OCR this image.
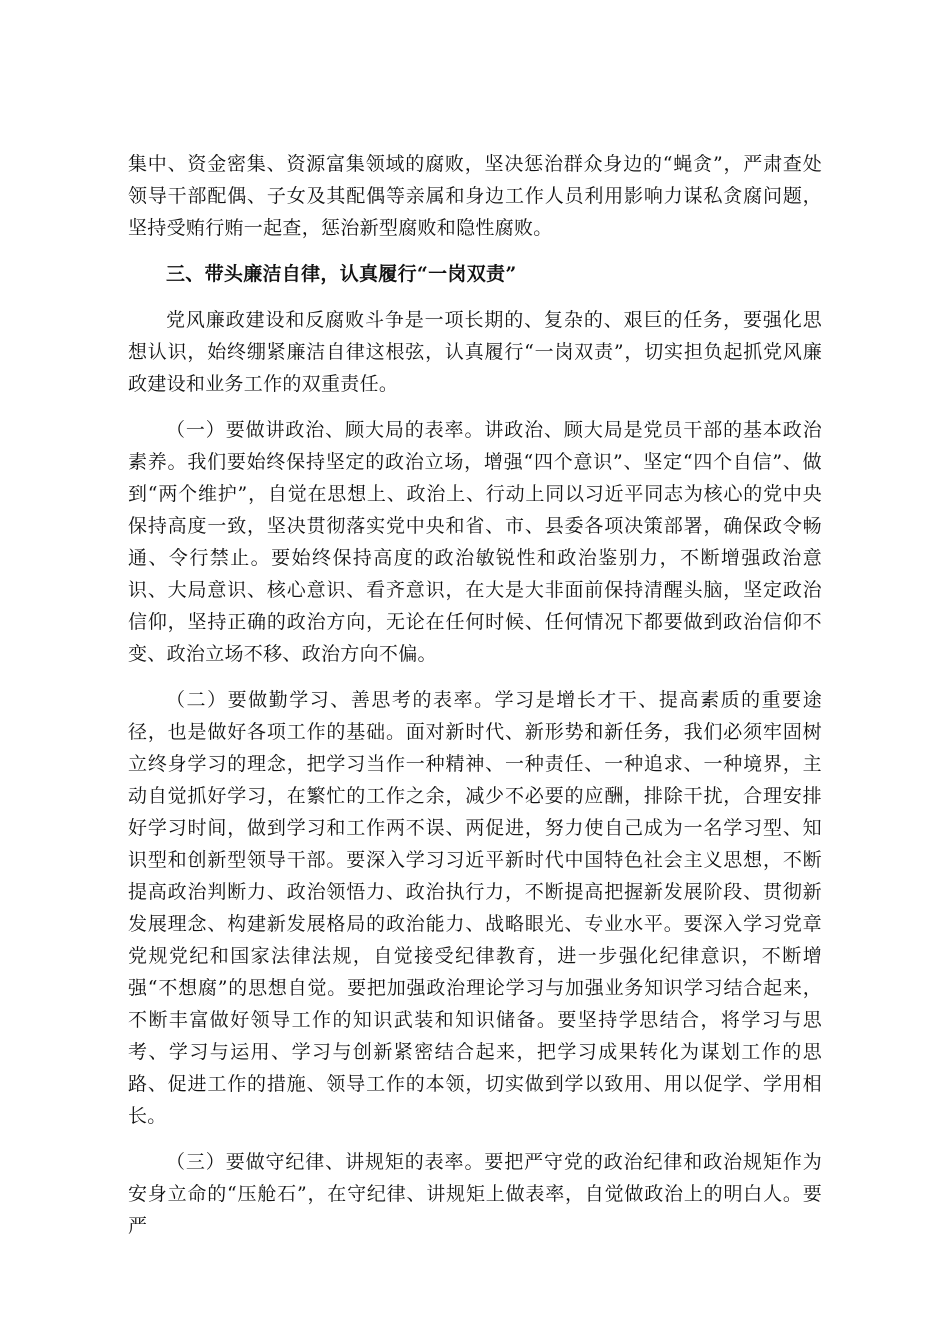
集中、资金密集、资源富集领域的腐败，坚决惩治群众身边的“蝇贪”，严肃查处领导干部配偶、子女及其配偶等亲属和身边工作人员利用影响力谋私贪腐问题，坚持受贿行贿一起查，惩治新型腐败和隐性腐败。

三、带头廉洁自律，认真履行“一岗双责”

党风廉政建设和反腐败斗争是一项长期的、复杂的、艰巨的任务，要强化思想认识，始终绷紧廉洁自律这根弦，认真履行“一岗双责”，切实担负起抓党风廉政建设和业务工作的双重责任。

（一）要做讲政治、顾大局的表率。讲政治、顾大局是党员干部的基本政治素养。我们要始终保持坚定的政治立场，增强“四个意识”、坚定“四个自信”、做到“两个维护”，自觉在思想上、政治上、行动上同以习近平同志为核心的党中央保持高度一致，坚决贯彻落实党中央和省、市、县委各项决策部署，确保政令畅通、令行禁止。要始终保持高度的政治敏锐性和政治鉴别力，不断增强政治意识、大局意识、核心意识、看齐意识，在大是大非面前保持清醒头脑，坚定政治信仰，坚持正确的政治方向，无论在任何时候、任何情况下都要做到政治信仰不变、政治立场不移、政治方向不偏。

（二）要做勤学习、善思考的表率。学习是增长才干、提高素质的重要途径，也是做好各项工作的基础。面对新时代、新形势和新任务，我们必须牢固树立终身学习的理念，把学习当作一种精神、一种责任、一种追求、一种境界，主动自觉抓好学习，在繁忙的工作之余，减少不必要的应酬，排除干扰，合理安排好学习时间，做到学习和工作两不误、两促进，努力使自己成为一名学习型、知识型和创新型领导干部。要深入学习习近平新时代中国特色社会主义思想，不断提高政治判断力、政治领悟力、政治执行力，不断提高把握新发展阶段、贯彻新发展理念、构建新发展格局的政治能力、战略眼光、专业水平。要深入学习党章党规党纪和国家法律法规，自觉接受纪律教育，进一步强化纪律意识，不断增强“不想腐”的思想自觉。要把加强政治理论学习与加强业务知识学习结合起来，不断丰富做好领导工作的知识武装和知识储备。要坚持学思结合，将学习与思考、学习与运用、学习与创新紧密结合起来，把学习成果转化为谋划工作的思路、促进工作的措施、领导工作的本领，切实做到学以致用、用以促学、学用相长。

（三）要做守纪律、讲规矩的表率。要把严守党的政治纪律和政治规矩作为安身立命的“压舱石”，在守纪律、讲规矩上做表率，自觉做政治上的明白人。要严
